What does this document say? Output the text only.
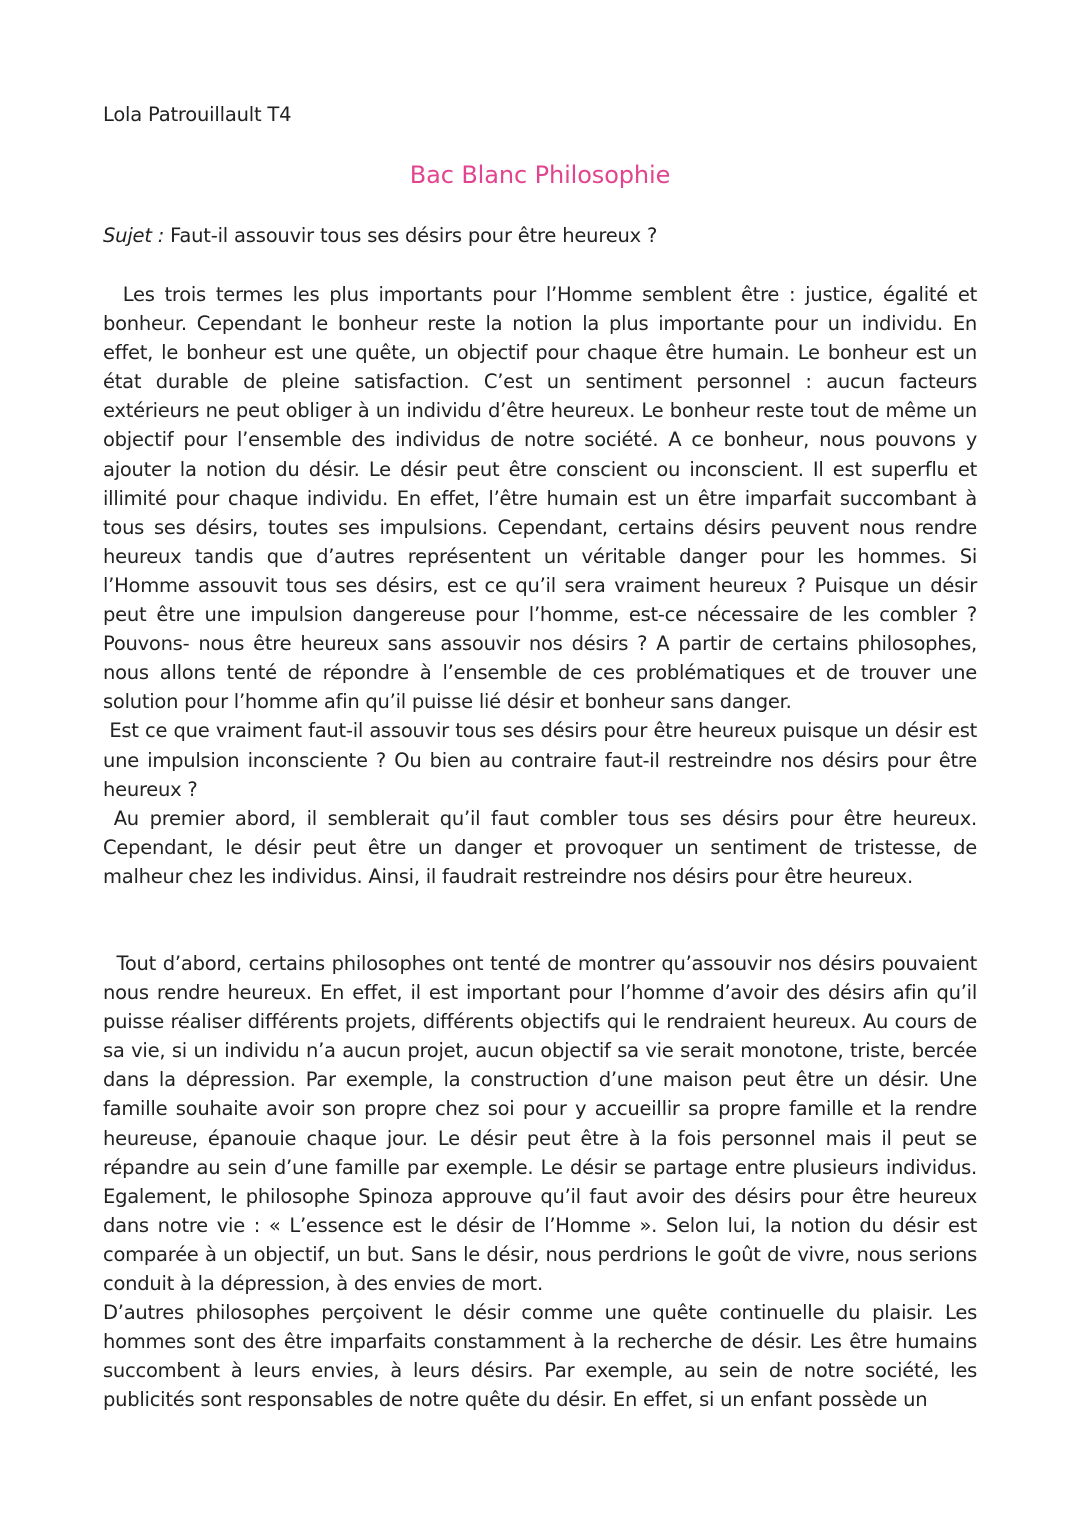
Lola Patrouillault T4

Bac Blanc Philosophie

Sujet : Faut-il assouvir tous ses désirs pour être heureux ?

Les trois termes les plus importants pour l’Homme semblent être : justice, égalité et bonheur. Cependant le bonheur reste la notion la plus importante pour un individu. En effet, le bonheur est une quête, un objectif pour chaque être humain. Le bonheur est un état durable de pleine satisfaction. C’est un sentiment personnel : aucun facteurs extérieurs ne peut obliger à un individu d’être heureux. Le bonheur reste tout de même un objectif pour l’ensemble des individus de notre société. A ce bonheur, nous pouvons y ajouter la notion du désir. Le désir peut être conscient ou inconscient. Il est superflu et illimité pour chaque individu. En effet, l’être humain est un être imparfait succombant à tous ses désirs, toutes ses impulsions. Cependant, certains désirs peuvent nous rendre heureux tandis que d’autres représentent un véritable danger pour les hommes. Si l’Homme assouvit tous ses désirs, est ce qu’il sera vraiment heureux ? Puisque un désir peut être une impulsion dangereuse pour l’homme, est-ce nécessaire de les combler ? Pouvons- nous être heureux sans assouvir nos désirs ? A partir de certains philosophes, nous allons tenté de répondre à l’ensemble de ces problématiques et de trouver une solution pour l’homme afin qu’il puisse lié désir et bonheur sans danger.

Est ce que vraiment faut-il assouvir tous ses désirs pour être heureux puisque un désir est une impulsion inconsciente ? Ou bien au contraire faut-il restreindre nos désirs pour être heureux ?

Au premier abord, il semblerait qu’il faut combler tous ses désirs pour être heureux. Cependant, le désir peut être un danger et provoquer un sentiment de tristesse, de malheur chez les individus. Ainsi, il faudrait restreindre nos désirs pour être heureux.

Tout d’abord, certains philosophes ont tenté de montrer qu’assouvir nos désirs pouvaient nous rendre heureux. En effet, il est important pour l’homme d’avoir des désirs afin qu’il puisse réaliser différents projets, différents objectifs qui le rendraient heureux. Au cours de sa vie, si un individu n’a aucun projet, aucun objectif sa vie serait monotone, triste, bercée dans la dépression. Par exemple, la construction d’une maison peut être un désir. Une famille souhaite avoir son propre chez soi pour y accueillir sa propre famille et la rendre heureuse, épanouie chaque jour. Le désir peut être à la fois personnel mais il peut se répandre au sein d’une famille par exemple. Le désir se partage entre plusieurs individus. Egalement, le philosophe Spinoza approuve qu’il faut avoir des désirs pour être heureux dans notre vie : « L’essence est le désir de l’Homme ». Selon lui, la notion du désir est comparée à un objectif, un but. Sans le désir, nous perdrions le goût de vivre, nous serions conduit à la dépression, à des envies de mort.

D’autres philosophes perçoivent le désir comme une quête continuelle du plaisir. Les hommes sont des être imparfaits constamment à la recherche de désir. Les être humains succombent à leurs envies, à leurs désirs. Par exemple, au sein de notre société, les publicités sont responsables de notre quête du désir. En effet, si un enfant possède un
